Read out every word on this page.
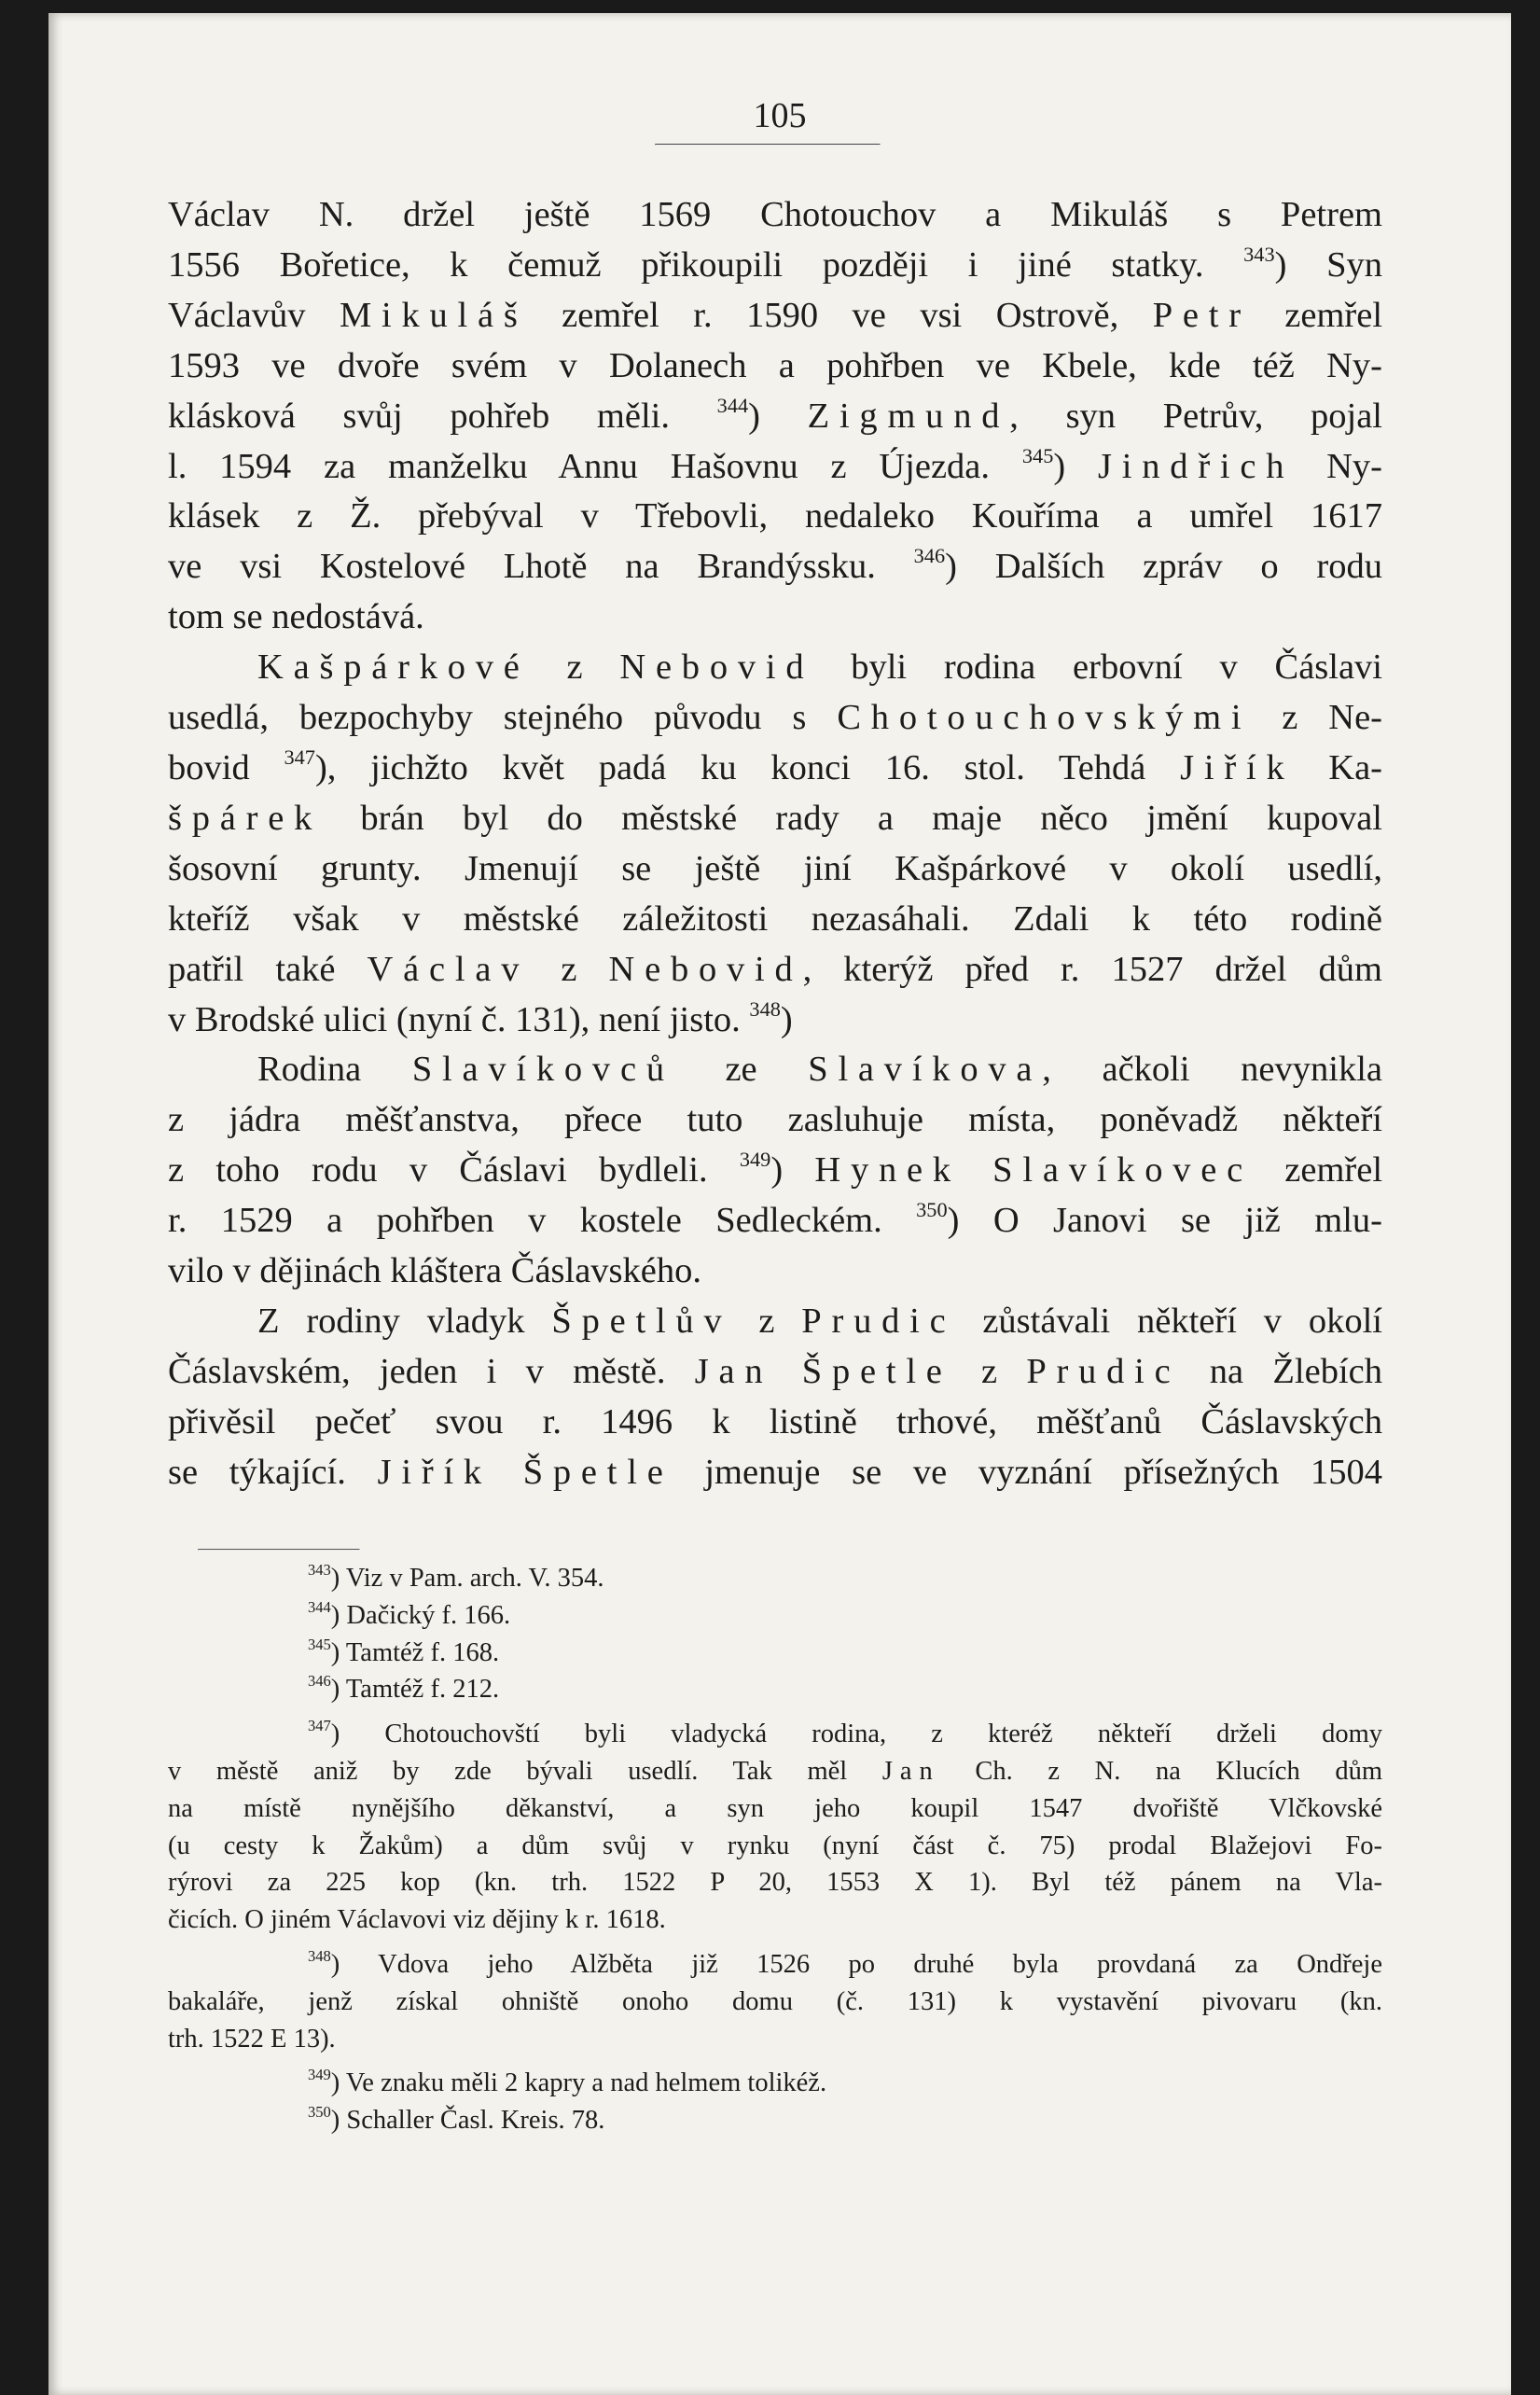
105
Václav N. držel ještě 1569 Chotouchov a Mikuláš s Petrem
1556 Bořetice, k čemuž přikoupili později i jiné statky. $^{343}$) Syn
Václavův Mikuláš zemřel r. 1590 ve vsi Ostrově, Petr zemřel
1593 ve dvoře svém v Dolanech a pohřben ve Kbele, kde též Ny-
klásková svůj pohřeb měli. $^{344}$) Zigmund, syn Petrův, pojal
l. 1594 za manželku Annu Hašovnu z Újezda. $^{345}$) Jindřich Ny-
klásek z Ž. přebýval v Třebovli, nedaleko Kouříma a umřel 1617
ve vsi Kostelové Lhotě na Brandýssku. $^{346}$) Dalších zpráv o rodu
tom se nedostává.
Kašpárkové z Nebovid byli rodina erbovní v Čáslavi
usedlá, bezpochyby stejného původu s Chotouchovskými z Ne-
bovid $^{347}$), jichžto květ padá ku konci 16. stol. Tehdá Jiřík Ka-
špárek brán byl do městské rady a maje něco jmění kupoval
šosovní grunty. Jmenují se ještě jiní Kašpárkové v okolí usedlí,
kteříž však v městské záležitosti nezasáhali. Zdali k této rodině
patřil také Václav z Nebovid, kterýž před r. 1527 držel dům
v Brodské ulici (nyní č. 131), není jisto. $^{348}$)
Rodina Slavíkovců ze Slavíkova, ačkoli nevynikla
z jádra měšťanstva, přece tuto zasluhuje místa, poněvadž někteří
z toho rodu v Čáslavi bydleli. $^{349}$) Hynek Slavíkovec zemřel
r. 1529 a pohřben v kostele Sedleckém. $^{350}$) O Janovi se již mlu-
vilo v dějinách kláštera Čáslavského.
Z rodiny vladyk Špetlův z Prudic zůstávali někteří v okolí
Čáslavském, jeden i v městě. Jan Špetle z Prudic na Žlebích
přivěsil pečeť svou r. 1496 k listině trhové, měšťanů Čáslavských
se týkající. Jiřík Špetle jmenuje se ve vyznání přísežných 1504
$^{343}$) Viz v Pam. arch. V. 354.
$^{344}$) Dačický f. 166.
$^{345}$) Tamtéž f. 168.
$^{346}$) Tamtéž f. 212.
$^{347}$) Chotouchovští byli vladycká rodina, z kteréž někteří drželi domy
v městě aniž by zde bývali usedlí. Tak měl Jan Ch. z N. na Klucích dům
na místě nynějšího děkanství, a syn jeho koupil 1547 dvořiště Vlčkovské
(u cesty k Žakům) a dům svůj v rynku (nyní část č. 75) prodal Blažejovi Fo-
rýrovi za 225 kop (kn. trh. 1522 P 20, 1553 X 1). Byl též pánem na Vla-
čicích. O jiném Václavovi viz dějiny k r. 1618.
$^{348}$) Vdova jeho Alžběta již 1526 po druhé byla provdaná za Ondřeje
bakaláře, jenž získal ohniště onoho domu (č. 131) k vystavění pivovaru (kn.
trh. 1522 E 13).
$^{349}$) Ve znaku měli 2 kapry a nad helmem tolikéž.
$^{350}$) Schaller Časl. Kreis. 78.
